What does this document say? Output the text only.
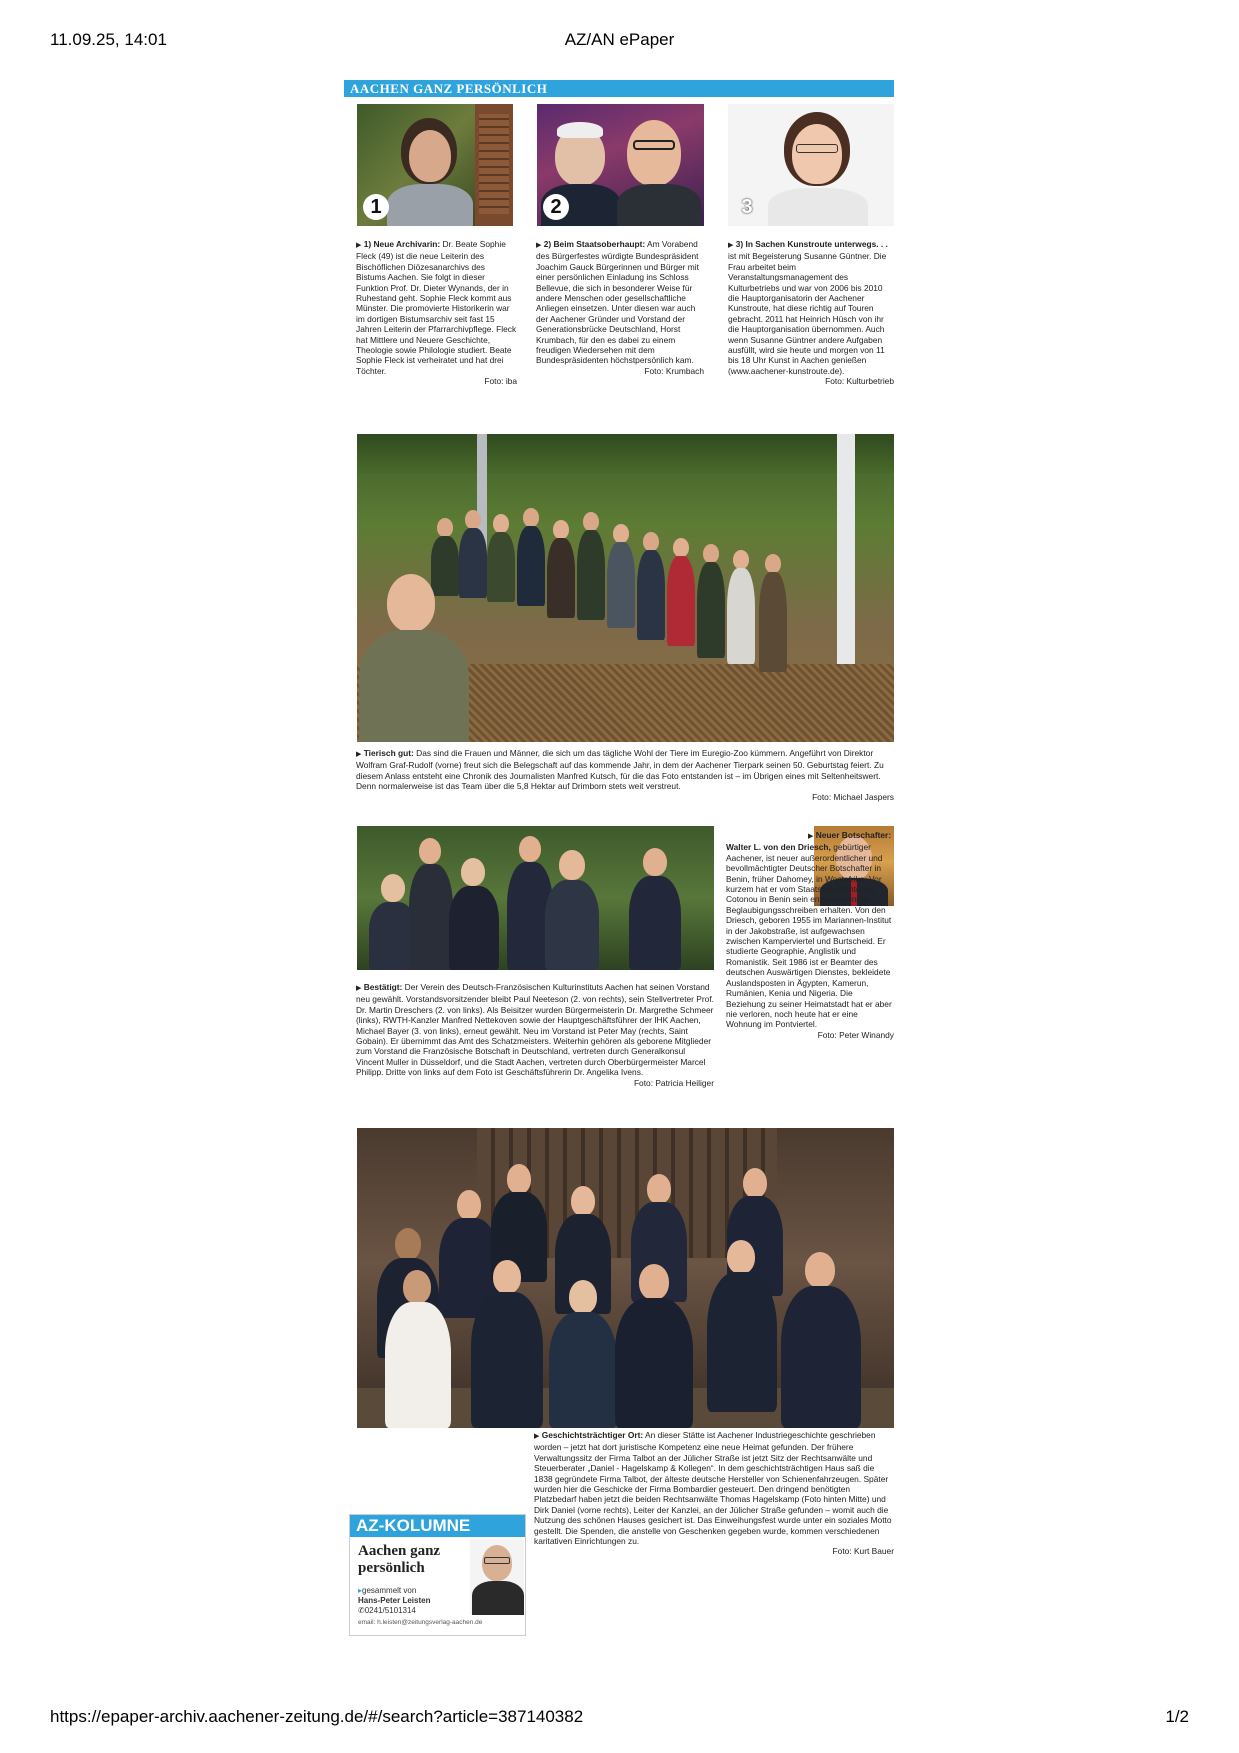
11.09.25, 14:01	AZ/AN ePaper
AACHEN GANZ PERSÖNLICH
1	2	3
▶ 1) Neue Archivarin: Dr. Beate Sophie Fleck (49) ist die neue Leiterin des Bischöflichen Diözesanarchivs des Bistums Aachen. Sie folgt in dieser Funktion Prof. Dr. Dieter Wynands, der in Ruhestand geht. Sophie Fleck kommt aus Münster. Die promovierte Historikerin war im dortigen Bistumsarchiv seit fast 15 Jahren Leiterin der Pfarrarchivpflege. Fleck hat Mittlere und Neuere Geschichte, Theologie sowie Philologie studiert. Beate Sophie Fleck ist verheiratet und hat drei Töchter.
Foto: iba
▶ 2) Beim Staatsoberhaupt: Am Vorabend des Bürgerfestes würdigte Bundespräsident Joachim Gauck Bürgerinnen und Bürger mit einer persönlichen Einladung ins Schloss Bellevue, die sich in besonderer Weise für andere Menschen oder gesellschaftliche Anliegen einsetzen. Unter diesen war auch der Aachener Gründer und Vorstand der Generationsbrücke Deutschland, Horst Krumbach, für den es dabei zu einem freudigen Wiedersehen mit dem Bundespräsidenten höchstpersönlich kam.
Foto: Krumbach
▶ 3) In Sachen Kunstroute unterwegs. . . ist mit Begeisterung Susanne Güntner. Die Frau arbeitet beim Veranstaltungsmanagement des Kulturbetriebs und war von 2006 bis 2010 die Hauptorganisatorin der Aachener Kunstroute, hat diese richtig auf Touren gebracht. 2011 hat Heinrich Hüsch von ihr die Hauptorganisation übernommen. Auch wenn Susanne Güntner andere Aufgaben ausfüllt, wird sie heute und morgen von 11 bis 18 Uhr Kunst in Aachen genießen (www.aachener-kunstroute.de).
Foto: Kulturbetrieb
▶ Tierisch gut: Das sind die Frauen und Männer, die sich um das tägliche Wohl der Tiere im Euregio-Zoo kümmern. Angeführt von Direktor Wolfram Graf-Rudolf (vorne) freut sich die Belegschaft auf das kommende Jahr, in dem der Aachener Tierpark seinen 50. Geburtstag feiert. Zu diesem Anlass entsteht eine Chronik des Journalisten Manfred Kutsch, für die das Foto entstanden ist – im Übrigen eines mit Seltenheitswert. Denn normalerweise ist das Team über die 5,8 Hektar auf Drimborn stets weit verstreut.
Foto: Michael Jaspers
▶ Neuer Botschafter: Walter L. von den Driesch, gebürtiger Aachener, ist neuer außerordentlicher und bevollmächtigter Deutscher Botschafter in Benin, früher Dahomey, in Westafrika. Vor kurzem hat er vom Staatspräsidenten in Cotonou in Benin sein entsprechendes Beglaubigungsschreiben erhalten. Von den Driesch, geboren 1955 im Mariannen-Institut in der Jakobstraße, ist aufgewachsen zwischen Kamperviertel und Burtscheid. Er studierte Geographie, Anglistik und Romanistik. Seit 1986 ist er Beamter des deutschen Auswärtigen Dienstes, bekleidete Auslandsposten in Ägypten, Kamerun, Rumänien, Kenia und Nigeria. Die Beziehung zu seiner Heimatstadt hat er aber nie verloren, noch heute hat er eine Wohnung im Pontviertel.
Foto: Peter Winandy
▶ Bestätigt: Der Verein des Deutsch-Französischen Kulturinstituts Aachen hat seinen Vorstand neu gewählt. Vorstandsvorsitzender bleibt Paul Neeteson (2. von rechts), sein Stellvertreter Prof. Dr. Martin Dreschers (2. von links). Als Beisitzer wurden Bürgermeisterin Dr. Margrethe Schmeer (links), RWTH-Kanzler Manfred Nettekoven sowie der Hauptgeschäftsführer der IHK Aachen, Michael Bayer (3. von links), erneut gewählt. Neu im Vorstand ist Peter May (rechts, Saint Gobain). Er übernimmt das Amt des Schatzmeisters. Weiterhin gehören als geborene Mitglieder zum Vorstand die Französische Botschaft in Deutschland, vertreten durch Generalkonsul Vincent Muller in Düsseldorf, und die Stadt Aachen, vertreten durch Oberbürgermeister Marcel Philipp. Dritte von links auf dem Foto ist Geschäftsführerin Dr. Angelika Ivens.
Foto: Patricia Heiliger
AZ-KOLUMNE
Aachen ganz persönlich
▸gesammelt von
Hans-Peter Leisten
✆0241/5101314
email: h.leisten@zeitungsverlag-aachen.de
▶ Geschichtsträchtiger Ort: An dieser Stätte ist Aachener Industriegeschichte geschrieben worden – jetzt hat dort juristische Kompetenz eine neue Heimat gefunden. Der frühere Verwaltungssitz der Firma Talbot an der Jülicher Straße ist jetzt Sitz der Rechtsanwälte und Steuerberater „Daniel - Hagelskamp & Kollegen“. In dem geschichtsträchtigen Haus saß die 1838 gegründete Firma Talbot, der älteste deutsche Hersteller von Schienenfahrzeugen. Später wurden hier die Geschicke der Firma Bombardier gesteuert. Den dringend benötigten Platzbedarf haben jetzt die beiden Rechtsanwälte Thomas Hagelskamp (Foto hinten Mitte) und Dirk Daniel (vorne rechts), Leiter der Kanzlei, an der Jülicher Straße gefunden – womit auch die Nutzung des schönen Hauses gesichert ist. Das Einweihungsfest wurde unter ein soziales Motto gestellt. Die Spenden, die anstelle von Geschenken gegeben wurde, kommen verschiedenen karitativen Einrichtungen zu.
Foto: Kurt Bauer
https://epaper-archiv.aachener-zeitung.de/#/search?article=387140382	1/2
